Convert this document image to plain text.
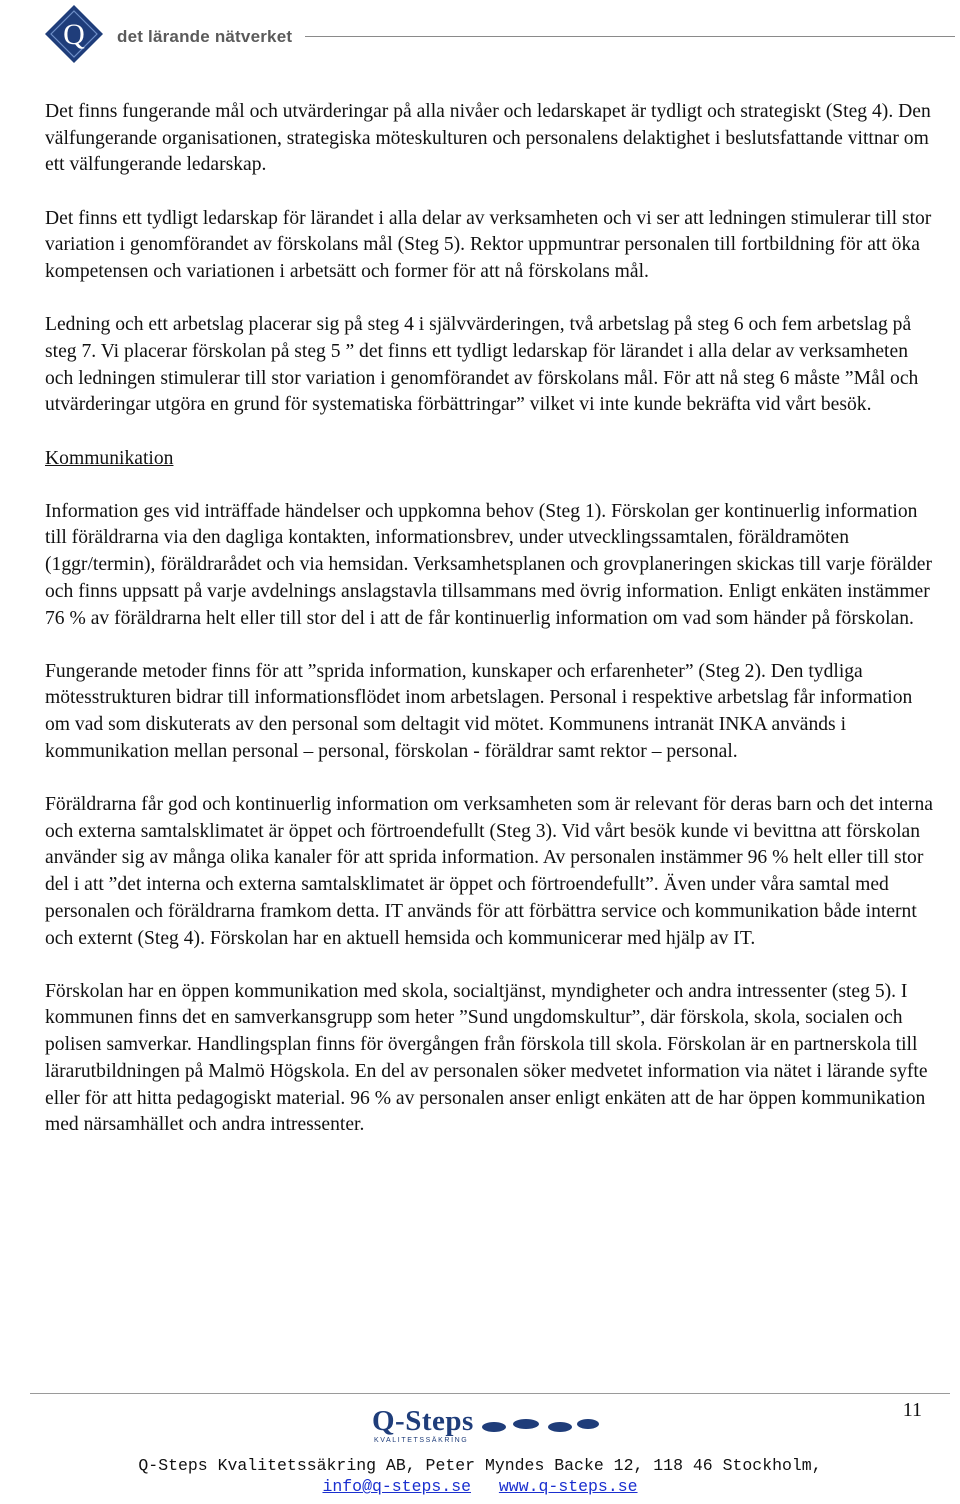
Q det lärande nätverket

Det finns fungerande mål och utvärderingar på alla nivåer och ledarskapet är tydligt och strategiskt (Steg 4). Den välfungerande organisationen, strategiska möteskulturen och personalens delaktighet i beslutsfattande vittnar om ett välfungerande ledarskap.

Det finns ett tydligt ledarskap för lärandet i alla delar av verksamheten och vi ser att ledningen stimulerar till stor variation i genomförandet av förskolans mål (Steg 5). Rektor uppmuntrar personalen till fortbildning för att öka kompetensen och variationen i arbetsätt och former för att nå förskolans mål.

Ledning och ett arbetslag placerar sig på steg 4 i självvärderingen, två arbetslag på steg 6 och fem arbetslag på steg 7. Vi placerar förskolan på steg 5 ” det finns ett tydligt ledarskap för lärandet i alla delar av verksamheten och ledningen stimulerar till stor variation i genomförandet av förskolans mål. För att nå steg 6 måste ”Mål och utvärderingar utgöra en grund för systematiska förbättringar” vilket vi inte kunde bekräfta vid vårt besök.

Kommunikation

Information ges vid inträffade händelser och uppkomna behov (Steg 1). Förskolan ger kontinuerlig information till föräldrarna via den dagliga kontakten, informationsbrev, under utvecklingssamtalen, föräldramöten (1ggr/termin), föräldrarådet och via hemsidan. Verksamhetsplanen och grovplaneringen skickas till varje förälder och finns uppsatt på varje avdelnings anslagstavla tillsammans med övrig information. Enligt enkäten instämmer 76 % av föräldrarna helt eller till stor del i att de får kontinuerlig information om vad som händer på förskolan.

Fungerande metoder finns för att ”sprida information, kunskaper och erfarenheter” (Steg 2). Den tydliga mötesstrukturen bidrar till informationsflödet inom arbetslagen. Personal i respektive arbetslag får information om vad som diskuterats av den personal som deltagit vid mötet. Kommunens intranät INKA används i kommunikation mellan personal – personal, förskolan - föräldrar samt rektor – personal.

Föräldrarna får god och kontinuerlig information om verksamheten som är relevant för deras barn och det interna och externa samtalsklimatet är öppet och förtroendefullt (Steg 3). Vid vårt besök kunde vi bevittna att förskolan använder sig av många olika kanaler för att sprida information. Av personalen instämmer 96 % helt eller till stor del i att ”det interna och externa samtalsklimatet är öppet och förtroendefullt”. Även under våra samtal med personalen och föräldrarna framkom detta. IT används för att förbättra service och kommunikation både internt och externt (Steg 4). Förskolan har en aktuell hemsida och kommunicerar med hjälp av IT.

Förskolan har en öppen kommunikation med skola, socialtjänst, myndigheter och andra intressenter (steg 5). I kommunen finns det en samverkansgrupp som heter ”Sund ungdomskultur”, där förskola, skola, socialen och polisen samverkar. Handlingsplan finns för övergången från förskola till skola. Förskolan är en partnerskola till lärarutbildningen på Malmö Högskola. En del av personalen söker medvetet information via nätet i lärande syfte eller för att hitta pedagogiskt material. 96 % av personalen anser enligt enkäten att de har öppen kommunikation med närsamhället och andra intressenter.

11
Q-Steps
KVALITETSSÄKRING
Q-Steps Kvalitetssäkring AB, Peter Myndes Backe 12, 118 46 Stockholm,
info@q-steps.se www.q-steps.se
